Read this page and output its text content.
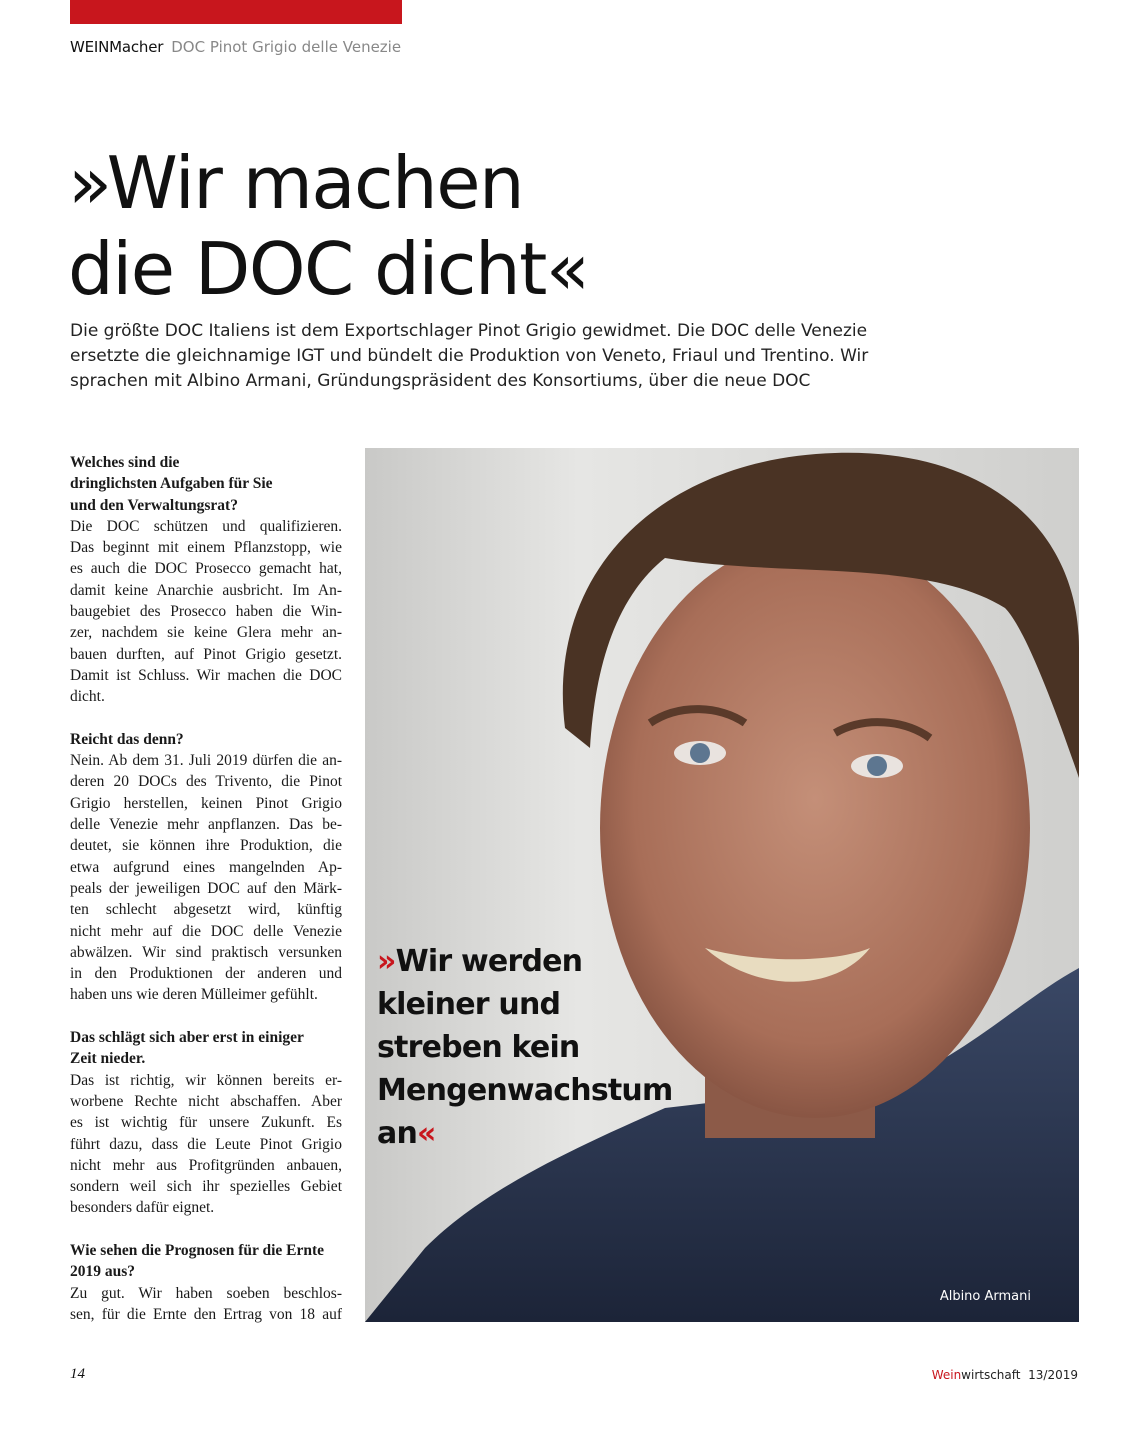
WEINMacher DOC Pinot Grigio delle Venezie
»Wir machen
die DOC dicht«
Die größte DOC Italiens ist dem Exportschlager Pinot Grigio gewidmet. Die DOC delle Venezie
ersetzte die gleichnamige IGT und bündelt die Produktion von Veneto, Friaul und Trentino. Wir
sprachen mit Albino Armani, Gründungspräsident des Konsortiums, über die neue DOC
Welches sind die
dringlichsten Aufgaben für Sie
und den Verwaltungsrat?
Die DOC schützen und qualifizieren.
Das beginnt mit einem Pflanzstopp, wie
es auch die DOC Prosecco gemacht hat,
damit keine Anarchie ausbricht. Im An-
baugebiet des Prosecco haben die Win-
zer, nachdem sie keine Glera mehr an-
bauen durften, auf Pinot Grigio gesetzt.
Damit ist Schluss. Wir machen die DOC
dicht.
Reicht das denn?
Nein. Ab dem 31. Juli 2019 dürfen die an-
deren 20 DOCs des Trivento, die Pinot
Grigio herstellen, keinen Pinot Grigio
delle Venezie mehr anpflanzen. Das be-
deutet, sie können ihre Produktion, die
etwa aufgrund eines mangelnden Ap-
peals der jeweiligen DOC auf den Märk-
ten schlecht abgesetzt wird, künftig
nicht mehr auf die DOC delle Venezie
abwälzen. Wir sind praktisch versunken
in den Produktionen der anderen und
haben uns wie deren Mülleimer gefühlt.
Das schlägt sich aber erst in einiger
Zeit nieder.
Das ist richtig, wir können bereits er-
worbene Rechte nicht abschaffen. Aber
es ist wichtig für unsere Zukunft. Es
führt dazu, dass die Leute Pinot Grigio
nicht mehr aus Profitgründen anbauen,
sondern weil sich ihr spezielles Gebiet
besonders dafür eignet.
Wie sehen die Prognosen für die Ernte
2019 aus?
Zu gut. Wir haben soeben beschlos-
sen, für die Ernte den Ertrag von 18 auf
»Wir werden
kleiner und
streben kein
Mengenwachstum
an«
Albino Armani
14	Weinwirtschaft 13/2019
